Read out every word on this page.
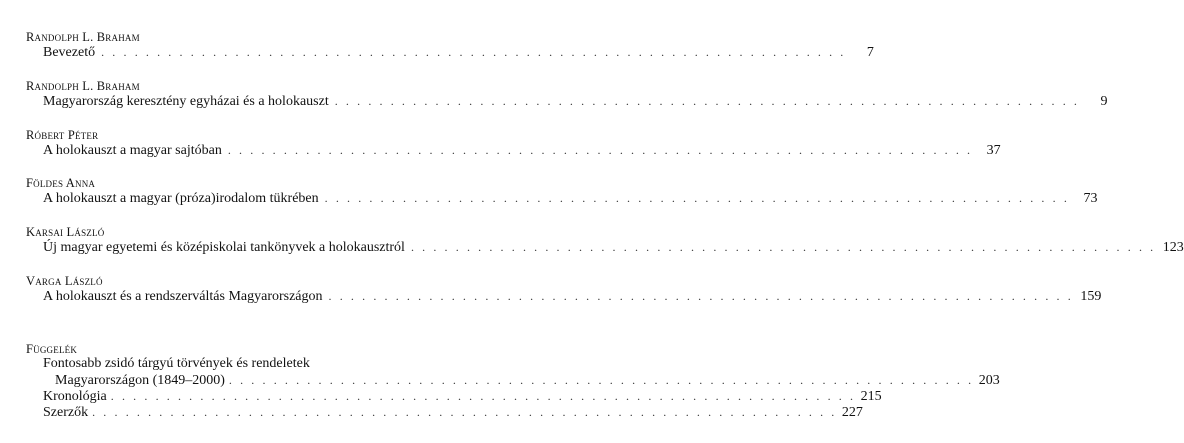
Randolph L. Braham
Bevezető . . . . . . . . . . . . . . . . . . . . . . . . . . . . . . . . . . . . . . . . . . . . . . . . . . . . . . . . . . . . . . . . . . .	7
Randolph L. Braham
Magyarország keresztény egyházai és a holokauszt . . . . . . . . . . . . . . . . . . . . . . . . . . . . . . . . . . . . . . . . . . . . . . . . . . . . . . . . . . . . . . . . . . .	9
Róbert Péter
A holokauszt a magyar sajtóban . . . . . . . . . . . . . . . . . . . . . . . . . . . . . . . . . . . . . . . . . . . . . . . . . . . . . . . . . . . . . . . . . . .	37
Földes Anna
A holokauszt a magyar (próza)irodalom tükrében . . . . . . . . . . . . . . . . . . . . . . . . . . . . . . . . . . . . . . . . . . . . . . . . . . . . . . . . . . . . . . . . . . .	73
Karsai László
Új magyar egyetemi és középiskolai tankönyvek a holokausztról . . . . . . . . . . . . . . . . . . . . . . . . . . . . . . . . . . . . . . . . . . . . . . . . . . . . . . . . . . . . . . . . . . . 123
Varga László
A holokauszt és a rendszerváltás Magyarországon . . . . . . . . . . . . . . . . . . . . . . . . . . . . . . . . . . . . . . . . . . . . . . . . . . . . . . . . . . . . . . . . . . . 159
Függelék
Fontosabb zsidó tárgyú törvények és rendeletek
Magyarországon (1849–2000) . . . . . . . . . . . . . . . . . . . . . . . . . . . . . . . . . . . . . . . . . . . . . . . . . . . . . . . . . . . . . . . . . . . 203
Kronológia . . . . . . . . . . . . . . . . . . . . . . . . . . . . . . . . . . . . . . . . . . . . . . . . . . . . . . . . . . . . . . . . . . . 215
Szerzők . . . . . . . . . . . . . . . . . . . . . . . . . . . . . . . . . . . . . . . . . . . . . . . . . . . . . . . . . . . . . . . . . . . 227
